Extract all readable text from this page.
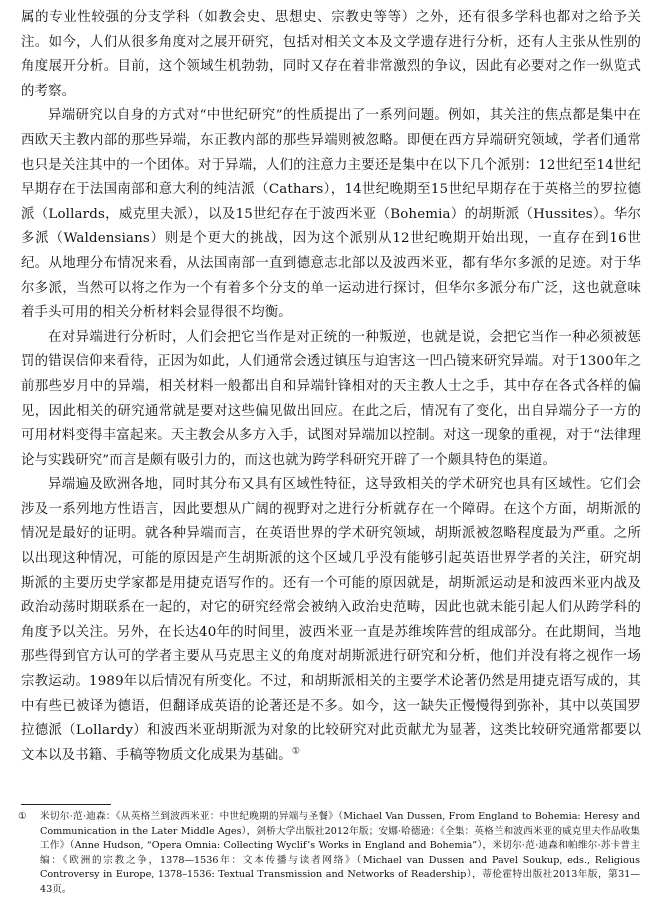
属的专业性较强的分支学科（如教会史、思想史、宗教史等等）之外，还有很多学科也都对之给予关注。如今，人们从很多角度对之展开研究，包括对相关文本及文学遗存进行分析，还有人主张从性别的角度展开分析。目前，这个领域生机勃勃，同时又存在着非常激烈的争议，因此有必要对之作一纵览式的考察。

异端研究以自身的方式对“中世纪研究”的性质提出了一系列问题。例如，其关注的焦点都是集中在西欧天主教内部的那些异端，东正教内部的那些异端则被忽略。即便在西方异端研究领域，学者们通常也只是关注其中的一个团体。对于异端，人们的注意力主要还是集中在以下几个派别：12世纪至14世纪早期存在于法国南部和意大利的纯洁派（Cathars），14世纪晚期至15世纪早期存在于英格兰的罗拉德派（Lollards，威克里夫派），以及15世纪存在于波西米亚（Bohemia）的胡斯派（Hussites）。华尔多派（Waldensians）则是个更大的挑战，因为这个派别从12世纪晚期开始出现，一直存在到16世纪。从地理分布情况来看，从法国南部一直到德意志北部以及波西米亚，都有华尔多派的足迹。对于华尔多派，当然可以将之作为一个有着多个分支的单一运动进行探讨，但华尔多派分布广泛，这也就意味着手头可用的相关分析材料会显得很不均衡。

在对异端进行分析时，人们会把它当作是对正统的一种叛逆，也就是说，会把它当作一种必须被惩罚的错误信仰来看待，正因为如此，人们通常会透过镇压与迫害这一凹凸镜来研究异端。对于1300年之前那些岁月中的异端，相关材料一般都出自和异端针锋相对的天主教人士之手，其中存在各式各样的偏见，因此相关的研究通常就是要对这些偏见做出回应。在此之后，情况有了变化，出自异端分子一方的可用材料变得丰富起来。天主教会从多方入手，试图对异端加以控制。对这一现象的重视，对于“法律理论与实践研究”而言是颇有吸引力的，而这也就为跨学科研究开辟了一个颇具特色的渠道。

异端遍及欧洲各地，同时其分布又具有区域性特征，这导致相关的学术研究也具有区域性。它们会涉及一系列地方性语言，因此要想从广阔的视野对之进行分析就存在一个障碍。在这个方面，胡斯派的情况是最好的证明。就各种异端而言，在英语世界的学术研究领域，胡斯派被忽略程度最为严重。之所以出现这种情况，可能的原因是产生胡斯派的这个区域几乎没有能够引起英语世界学者的关注，研究胡斯派的主要历史学家都是用捷克语写作的。还有一个可能的原因就是，胡斯派运动是和波西米亚内战及政治动荡时期联系在一起的，对它的研究经常会被纳入政治史范畴，因此也就未能引起人们从跨学科的角度予以关注。另外，在长达40年的时间里，波西米亚一直是苏维埃阵营的组成部分。在此期间，当地那些得到官方认可的学者主要从马克思主义的角度对胡斯派进行研究和分析，他们并没有将之视作一场宗教运动。1989年以后情况有所变化。不过，和胡斯派相关的主要学术论著仍然是用捷克语写成的，其中有些已被译为德语，但翻译成英语的论著还是不多。如今，这一缺失正慢慢得到弥补，其中以英国罗拉德派（Lollardy）和波西米亚胡斯派为对象的比较研究对此贡献尤为显著，这类比较研究通常都要以文本以及书籍、手稿等物质文化成果为基础。①

① 米切尔·范·迪森：《从英格兰到波西米亚：中世纪晚期的异端与圣餐》（Michael Van Dussen, From England to Bohemia: Heresy and Communication in the Later Middle Ages），剑桥大学出版社2012年版；安娜·哈德逊：《全集：英格兰和波西米亚的威克里夫作品收集工作》（Anne Hudson, “Opera Omnia: Collecting Wyclif’s Works in England and Bohemia”），米切尔·范·迪森和帕维尔·苏卡普主编：《欧洲的宗教之争，1378—1536年：文本传播与读者网络》（Michael van Dussen and Pavel Soukup, eds., Religious Controversy in Europe, 1378–1536: Textual Transmission and Networks of Readership），蒂伦霍特出版社2013年版，第31—43页。
